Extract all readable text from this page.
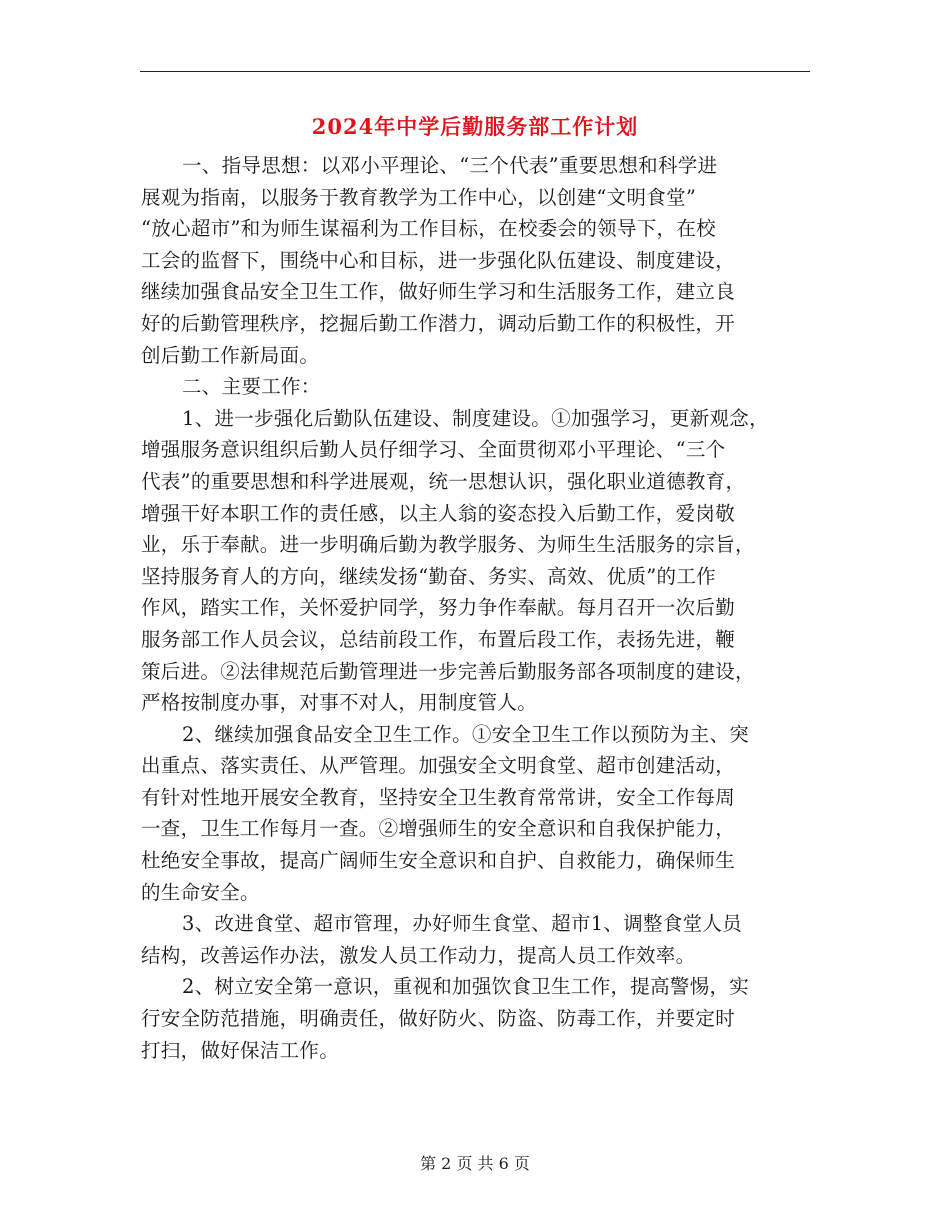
2024年中学后勤服务部工作计划
一、指导思想：以邓小平理论、“三个代表”重要思想和科学进
展观为指南，以服务于教育教学为工作中心，以创建“文明食堂”
“放心超市”和为师生谋福利为工作目标，在校委会的领导下，在校
工会的监督下，围绕中心和目标，进一步强化队伍建设、制度建设，
继续加强食品安全卫生工作，做好师生学习和生活服务工作，建立良
好的后勤管理秩序，挖掘后勤工作潜力，调动后勤工作的积极性，开
创后勤工作新局面。
二、主要工作：
1、进一步强化后勤队伍建设、制度建设。①加强学习，更新观念，
增强服务意识组织后勤人员仔细学习、全面贯彻邓小平理论、“三个
代表”的重要思想和科学进展观，统一思想认识，强化职业道德教育，
增强干好本职工作的责任感，以主人翁的姿态投入后勤工作，爱岗敬
业，乐于奉献。进一步明确后勤为教学服务、为师生生活服务的宗旨，
坚持服务育人的方向，继续发扬“勤奋、务实、高效、优质”的工作
作风，踏实工作，关怀爱护同学，努力争作奉献。每月召开一次后勤
服务部工作人员会议，总结前段工作，布置后段工作，表扬先进，鞭
策后进。②法律规范后勤管理进一步完善后勤服务部各项制度的建设，
严格按制度办事，对事不对人，用制度管人。
2、继续加强食品安全卫生工作。①安全卫生工作以预防为主、突
出重点、落实责任、从严管理。加强安全文明食堂、超市创建活动，
有针对性地开展安全教育，坚持安全卫生教育常常讲，安全工作每周
一查，卫生工作每月一查。②增强师生的安全意识和自我保护能力，
杜绝安全事故，提高广阔师生安全意识和自护、自救能力，确保师生
的生命安全。
3、改进食堂、超市管理，办好师生食堂、超市1、调整食堂人员
结构，改善运作办法，激发人员工作动力，提高人员工作效率。
2、树立安全第一意识，重视和加强饮食卫生工作，提高警惕，实
行安全防范措施，明确责任，做好防火、防盗、防毒工作，并要定时
打扫，做好保洁工作。
第 2 页 共 6 页
